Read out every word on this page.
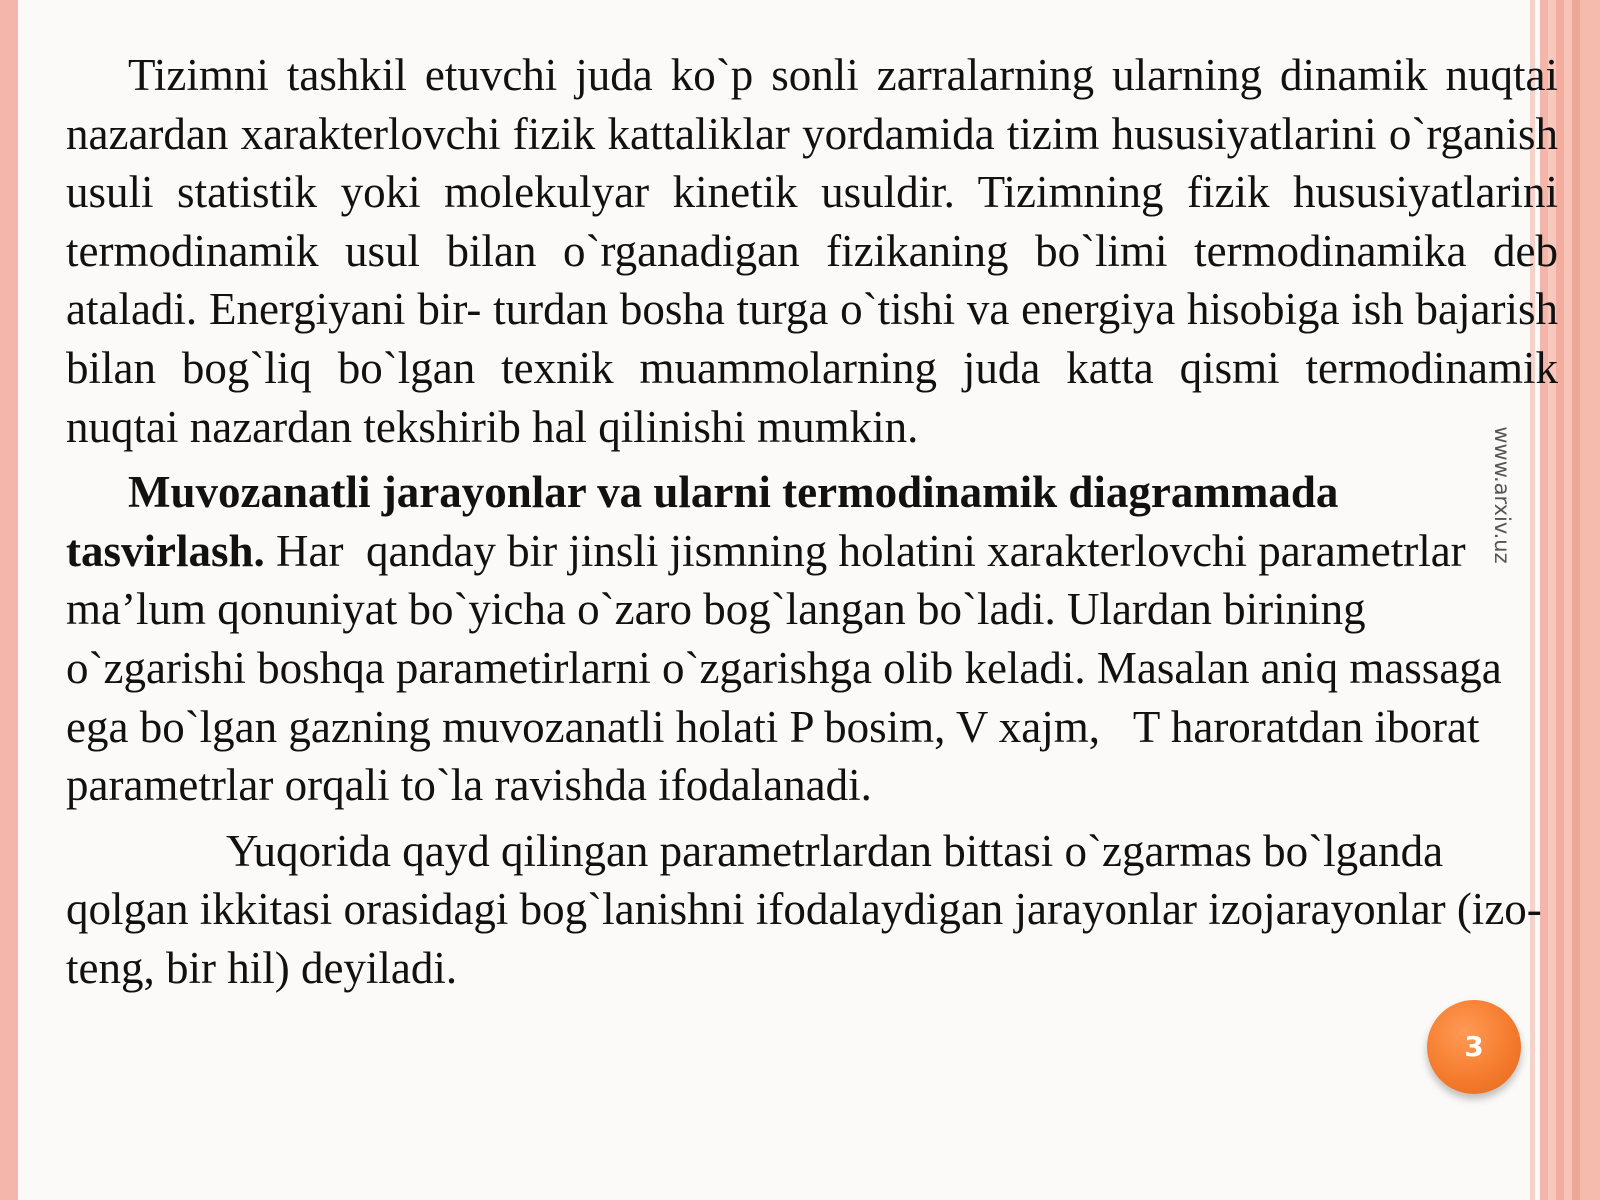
Tizimni tashkil etuvchi juda ko`p sonli zarralarning ularning dinamik nuqtai nazardan xarakterlovchi fizik kattaliklar yordamida tizim hususiyatlarini o`rganish usuli statistik yoki molekulyar kinetik usuldir. Tizimning fizik hususiyatlarini termodinamik usul bilan o`rganadigan fizikaning bo`limi termodinamika deb ataladi. Energiyani bir- turdan bosha turga o`tishi va energiya hisobiga ish bajarish bilan bog`liq bo`lgan texnik muammolarning juda katta qismi termodinamik nuqtai nazardan tekshirib hal qilinishi mumkin.

Muvozanatli jarayonlar va ularni termodinamik diagrammada tasvirlash. Har  qanday bir jinsli jismning holatini xarakterlovchi parametrlar ma’lum qonuniyat bo`yicha o`zaro bog`langan bo`ladi. Ulardan birining o`zgarishi boshqa parametirlarni o`zgarishga olib keladi. Masalan aniq massaga ega bo`lgan gazning muvozanatli holati P bosim, V xajm,   T haroratdan iborat parametrlar orqali to`la ravishda ifodalanadi.

Yuqorida qayd qilingan parametrlardan bittasi o`zgarmas bo`lganda qolgan ikkitasi orasidagi bog`lanishni ifodalaydigan jarayonlar izojarayonlar (izo-teng, bir hil) deyiladi.

www.arxiv.uz
3
